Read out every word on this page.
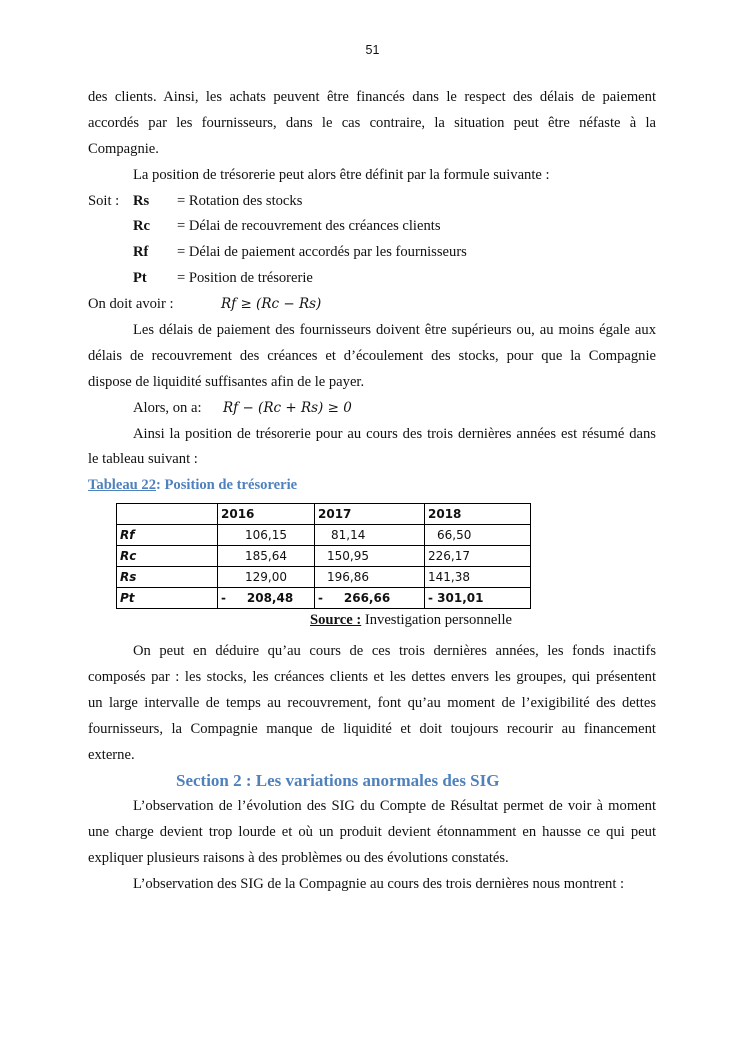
51
des clients. Ainsi, les achats peuvent être financés dans le respect des délais de paiement
accordés par les fournisseurs, dans le cas contraire, la situation peut être néfaste à la
Compagnie.
La position de trésorerie peut alors être définit par la formule suivante :
Soit : Rs	= Rotation des stocks
Rc	= Délai de recouvrement des créances clients
Rf	= Délai de paiement accordés par les fournisseurs
Pt	= Position de trésorerie
On doit avoir :	Rf ≥ (Rc − Rs)
Les délais de paiement des fournisseurs doivent être supérieurs ou, au moins égale aux
délais de recouvrement des créances et d’écoulement des stocks, pour que la Compagnie
dispose de liquidité suffisantes afin de le payer.
Alors, on a:	Rf − (Rc + Rs) ≥ 0
Ainsi la position de trésorerie pour au cours des trois dernières années est résumé dans
le tableau suivant :
Tableau 22: Position de trésorerie
	2016	2017	2018
Rf	106,15	81,14	66,50
Rc	185,64	150,95	226,17
Rs	129,00	196,86	141,38
Pt	-     208,48	-     266,66	- 301,01
Source : Investigation personnelle
On peut en déduire qu’au cours de ces trois dernières années, les fonds inactifs
composés par : les stocks, les créances clients et les dettes envers les groupes, qui présentent
un large intervalle de temps au recouvrement, font qu’au moment de l’exigibilité des dettes
fournisseurs, la Compagnie manque de liquidité et doit toujours recourir au financement
externe.
Section 2 : Les variations anormales des SIG
L’observation de l’évolution des SIG du Compte de Résultat permet de voir à moment
une charge devient trop lourde et où un produit devient étonnamment en hausse ce qui peut
expliquer plusieurs raisons à des problèmes ou des évolutions constatés.
L’observation des SIG de la Compagnie au cours des trois dernières nous montrent :
